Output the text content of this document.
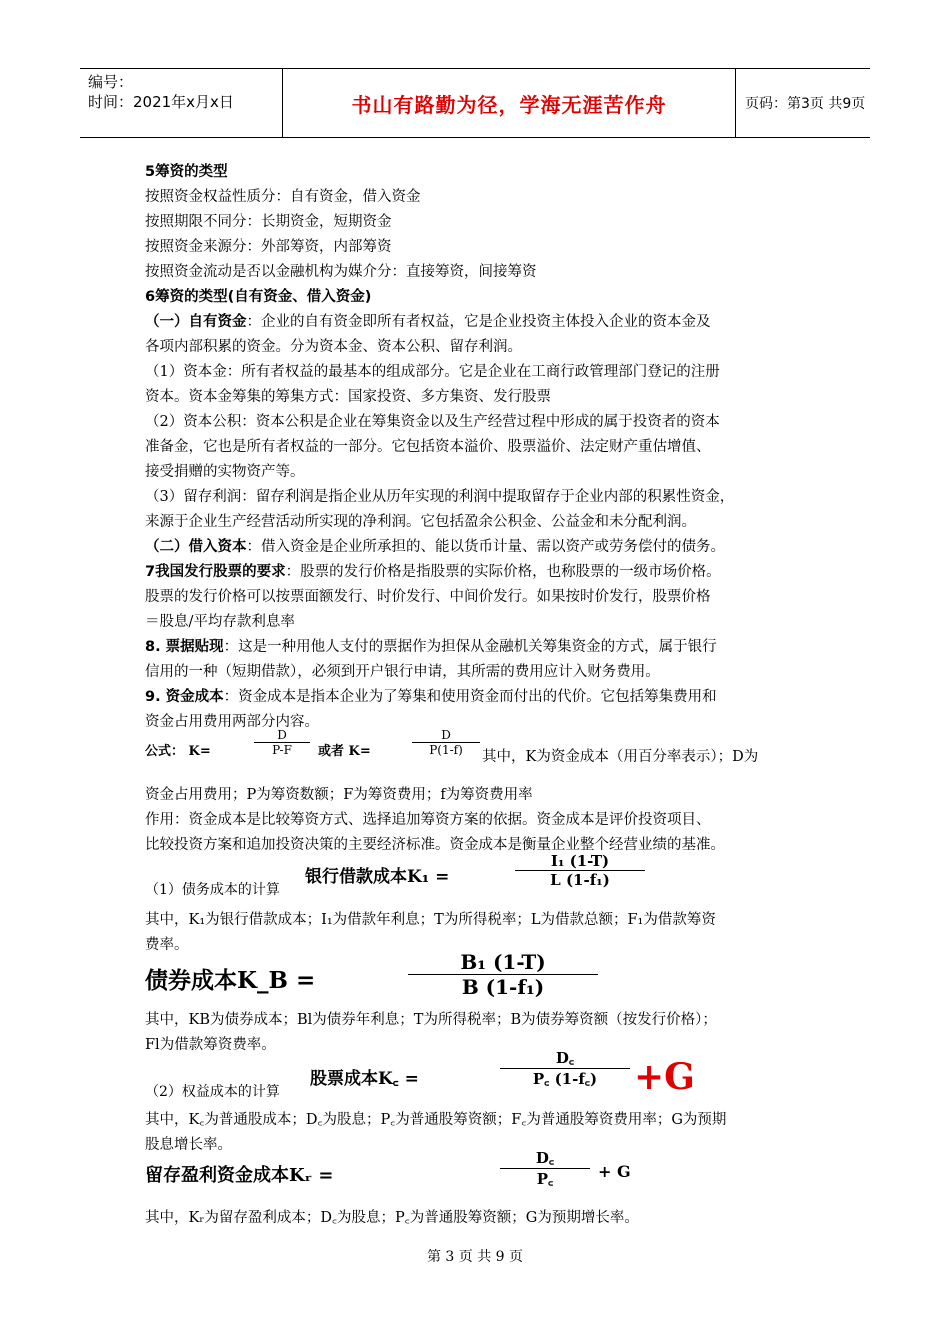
编号：
时间：2021年x月x日	书山有路勤为径，学海无涯苦作舟	页码：第3页 共9页
5筹资的类型
按照资金权益性质分：自有资金，借入资金
按照期限不同分：长期资金，短期资金
按照资金来源分：外部筹资，内部筹资
按照资金流动是否以金融机构为媒介分：直接筹资，间接筹资
6筹资的类型(自有资金、借入资金)
（一）自有资金：企业的自有资金即所有者权益，它是企业投资主体投入企业的资本金及
各项内部积累的资金。分为资本金、资本公积、留存利润。
（1）资本金：所有者权益的最基本的组成部分。它是企业在工商行政管理部门登记的注册
资本。资本金筹集的筹集方式：国家投资、多方集资、发行股票
（2）资本公积：资本公积是企业在筹集资金以及生产经营过程中形成的属于投资者的资本
准备金，它也是所有者权益的一部分。它包括资本溢价、股票溢价、法定财产重估增值、
接受捐赠的实物资产等。
（3）留存利润：留存利润是指企业从历年实现的利润中提取留存于企业内部的积累性资金，
来源于企业生产经营活动所实现的净利润。它包括盈余公积金、公益金和未分配利润。
（二）借入资本：借入资金是企业所承担的、能以货币计量、需以资产或劳务偿付的债务。
7我国发行股票的要求：股票的发行价格是指股票的实际价格，也称股票的一级市场价格。
股票的发行价格可以按票面额发行、时价发行、中间价发行。如果按时价发行，股票价格
＝股息/平均存款利息率
8. 票据贴现：这是一种用他人支付的票据作为担保从金融机关筹集资金的方式，属于银行
信用的一种（短期借款），必须到开户银行申请，其所需的费用应计入财务费用。
9. 资金成本：资金成本是指本企业为了筹集和使用资金而付出的代价。它包括筹集费用和
资金占用费用两部分内容。
公式： K=	$\frac{D}{P-F}$ 或者 K=	$\frac{D}{P(1-f)}$ 其中，K为资金成本（用百分率表示）；D为
资金占用费用；P为筹资数额；F为筹资费用；f为筹资费用率
作用：资金成本是比较筹资方式、选择追加筹资方案的依据。资金成本是评价投资项目、
比较投资方案和追加投资决策的主要经济标准。资金成本是衡量企业整个经营业绩的基准。
银行借款成本K₁ =	$\frac{\text{I₁ (1-T)}}{\text{L (1-f₁)}}$
（1）债务成本的计算
其中，K₁为银行借款成本；I₁为借款年利息；T为所得税率；L为借款总额；F₁为借款筹资
费率。
债券成本K_B =	$\frac{\text{B₁ (1-T)}}{\text{B (1-f₁)}}$
其中，KB为债券成本；Bl为债券年利息；T为所得税率；B为债券筹资额（按发行价格）；
Fl为借款筹资费率。
股票成本K꜀ =	$\frac{D꜀}{P꜀ (1-f꜀)} +G$
（2）权益成本的计算
其中，K꜀为普通股成本；D꜀为股息；P꜀为普通股筹资额；F꜀为普通股筹资费用率；G为预期
股息增长率。
留存盈利资金成本Kᵣ =	$\frac{D꜀}{P꜀} + G$
其中，Kᵣ为留存盈利成本；D꜀为股息；P꜀为普通股筹资额；G为预期增长率。
第 3 页 共 9 页
